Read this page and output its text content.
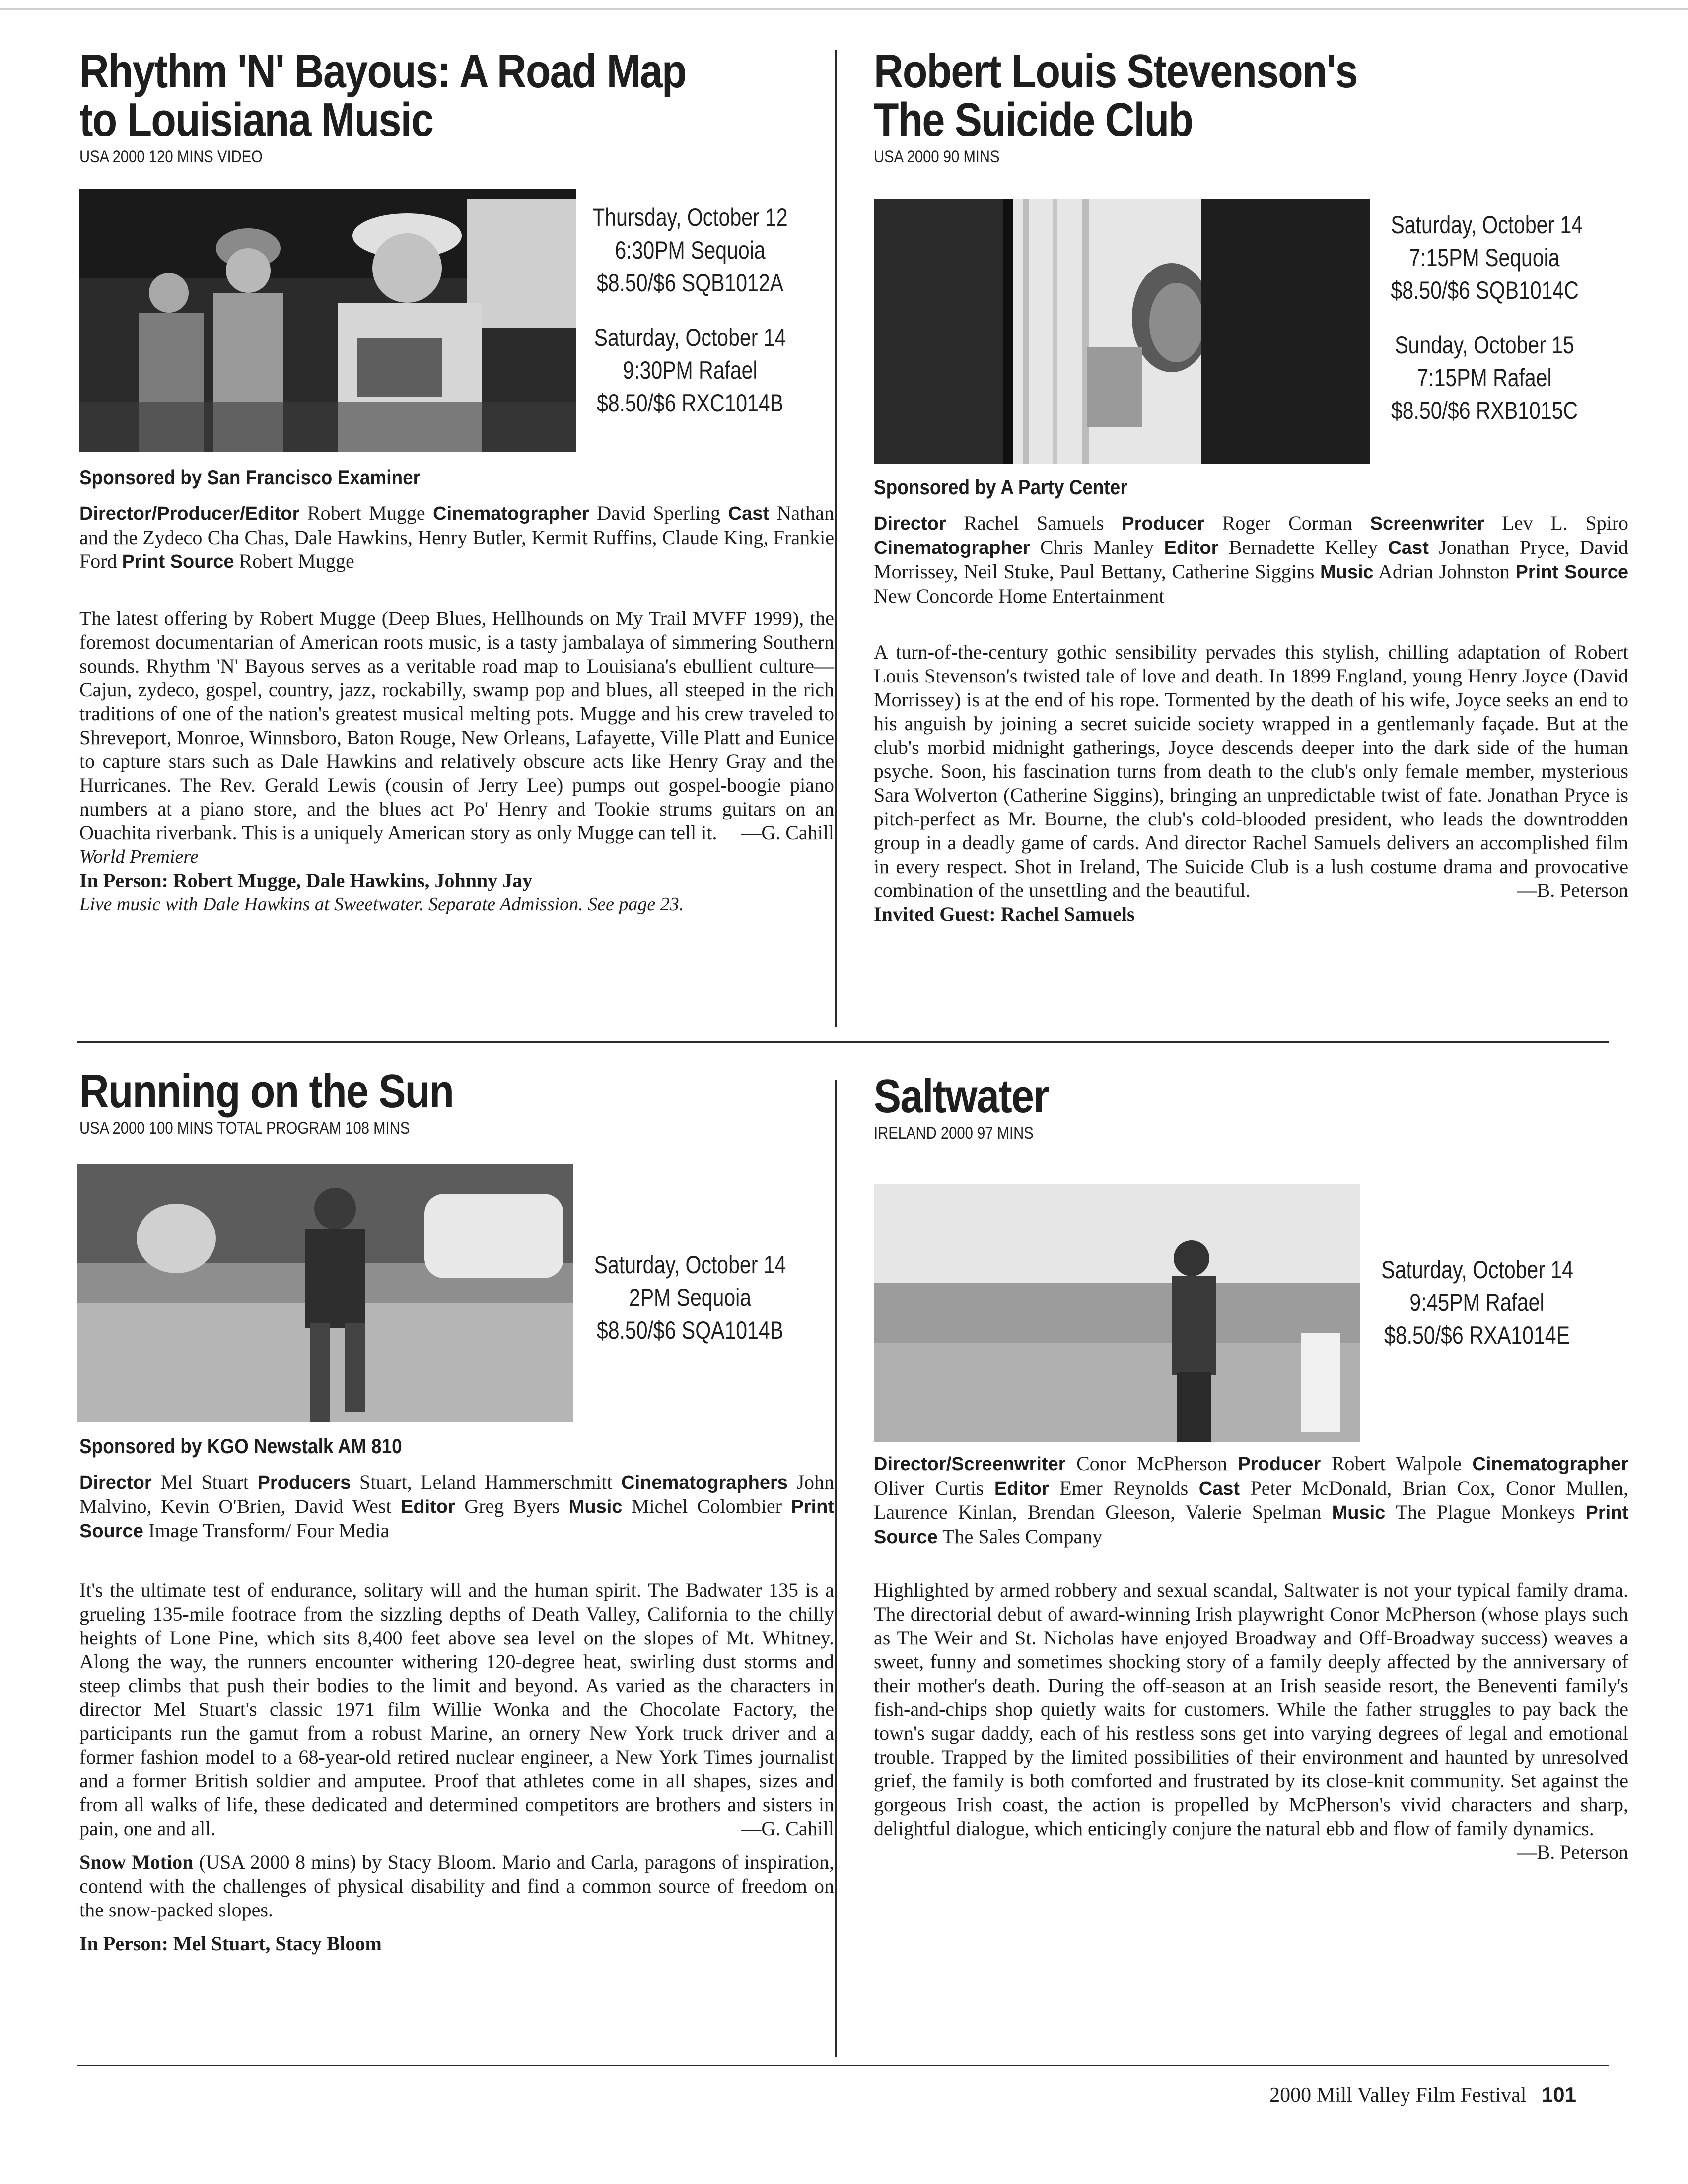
Rhythm 'N' Bayous: A Road Map
to Louisiana Music
USA 2000 120 MINS VIDEO
Thursday, October 12
6:30PM Sequoia
$8.50/$6 SQB1012A
Saturday, October 14
9:30PM Rafael
$8.50/$6 RXC1014B
Sponsored by San Francisco Examiner
Director/Producer/Editor Robert Mugge Cinematographer David Sperling Cast Nathan and the Zydeco Cha Chas, Dale Hawkins, Henry Butler, Kermit Ruffins, Claude King, Frankie Ford Print Source Robert Mugge

The latest offering by Robert Mugge (Deep Blues, Hellhounds on My Trail MVFF 1999), the foremost documentarian of American roots music, is a tasty jambalaya of simmering Southern sounds. Rhythm 'N' Bayous serves as a veritable road map to Louisiana's ebullient culture—Cajun, zydeco, gospel, country, jazz, rockabilly, swamp pop and blues, all steeped in the rich traditions of one of the nation's greatest musical melting pots. Mugge and his crew traveled to Shreveport, Monroe, Winnsboro, Baton Rouge, New Orleans, Lafayette, Ville Platt and Eunice to capture stars such as Dale Hawkins and relatively obscure acts like Henry Gray and the Hurricanes. The Rev. Gerald Lewis (cousin of Jerry Lee) pumps out gospel-boogie piano numbers at a piano store, and the blues act Po' Henry and Tookie strums guitars on an Ouachita riverbank. This is a uniquely American story as only Mugge can tell it. —G. Cahill

World Premiere
In Person: Robert Mugge, Dale Hawkins, Johnny Jay
Live music with Dale Hawkins at Sweetwater. Separate Admission. See page 23.
Robert Louis Stevenson's
The Suicide Club
USA 2000 90 MINS
Saturday, October 14
7:15PM Sequoia
$8.50/$6 SQB1014C
Sunday, October 15
7:15PM Rafael
$8.50/$6 RXB1015C
Sponsored by A Party Center
Director Rachel Samuels Producer Roger Corman Screenwriter Lev L. Spiro Cinematographer Chris Manley Editor Bernadette Kelley Cast Jonathan Pryce, David Morrissey, Neil Stuke, Paul Bettany, Catherine Siggins Music Adrian Johnston Print Source New Concorde Home Entertainment

A turn-of-the-century gothic sensibility pervades this stylish, chilling adaptation of Robert Louis Stevenson's twisted tale of love and death. In 1899 England, young Henry Joyce (David Morrissey) is at the end of his rope. Tormented by the death of his wife, Joyce seeks an end to his anguish by joining a secret suicide society wrapped in a gentlemanly façade. But at the club's morbid midnight gatherings, Joyce descends deeper into the dark side of the human psyche. Soon, his fascination turns from death to the club's only female member, mysterious Sara Wolverton (Catherine Siggins), bringing an unpredictable twist of fate. Jonathan Pryce is pitch-perfect as Mr. Bourne, the club's cold-blooded president, who leads the downtrodden group in a deadly game of cards. And director Rachel Samuels delivers an accomplished film in every respect. Shot in Ireland, The Suicide Club is a lush costume drama and provocative combination of the unsettling and the beautiful.	—B. Peterson

Invited Guest: Rachel Samuels
Running on the Sun
USA 2000 100 MINS TOTAL PROGRAM 108 MINS
Saturday, October 14
2PM Sequoia
$8.50/$6 SQA1014B
Sponsored by KGO Newstalk AM 810
Director Mel Stuart Producers Stuart, Leland Hammerschmitt Cinematographers John Malvino, Kevin O'Brien, David West Editor Greg Byers Music Michel Colombier Print Source Image Transform/ Four Media

It's the ultimate test of endurance, solitary will and the human spirit. The Badwater 135 is a grueling 135-mile footrace from the sizzling depths of Death Valley, California to the chilly heights of Lone Pine, which sits 8,400 feet above sea level on the slopes of Mt. Whitney. Along the way, the runners encounter withering 120-degree heat, swirling dust storms and steep climbs that push their bodies to the limit and beyond. As varied as the characters in director Mel Stuart's classic 1971 film Willie Wonka and the Chocolate Factory, the participants run the gamut from a robust Marine, an ornery New York truck driver and a former fashion model to a 68-year-old retired nuclear engineer, a New York Times journalist and a former British soldier and amputee. Proof that athletes come in all shapes, sizes and from all walks of life, these dedicated and determined competitors are brothers and sisters in pain, one and all.	—G. Cahill

Snow Motion (USA 2000 8 mins) by Stacy Bloom. Mario and Carla, paragons of inspiration, contend with the challenges of physical disability and find a common source of freedom on the snow-packed slopes.

In Person: Mel Stuart, Stacy Bloom
Saltwater
IRELAND 2000 97 MINS
Saturday, October 14
9:45PM Rafael
$8.50/$6 RXA1014E
Director/Screenwriter Conor McPherson Producer Robert Walpole Cinematographer Oliver Curtis Editor Emer Reynolds Cast Peter McDonald, Brian Cox, Conor Mullen, Laurence Kinlan, Brendan Gleeson, Valerie Spelman Music The Plague Monkeys Print Source The Sales Company

Highlighted by armed robbery and sexual scandal, Saltwater is not your typical family drama. The directorial debut of award-winning Irish playwright Conor McPherson (whose plays such as The Weir and St. Nicholas have enjoyed Broadway and Off-Broadway success) weaves a sweet, funny and sometimes shocking story of a family deeply affected by the anniversary of their mother's death. During the off-season at an Irish seaside resort, the Beneventi family's fish-and-chips shop quietly waits for customers. While the father struggles to pay back the town's sugar daddy, each of his restless sons get into varying degrees of legal and emotional trouble. Trapped by the limited possibilities of their environment and haunted by unresolved grief, the family is both comforted and frustrated by its close-knit community. Set against the gorgeous Irish coast, the action is propelled by McPherson's vivid characters and sharp, delightful dialogue, which enticingly conjure the natural ebb and flow of family dynamics.
—B. Peterson

2000 Mill Valley Film Festival 101
